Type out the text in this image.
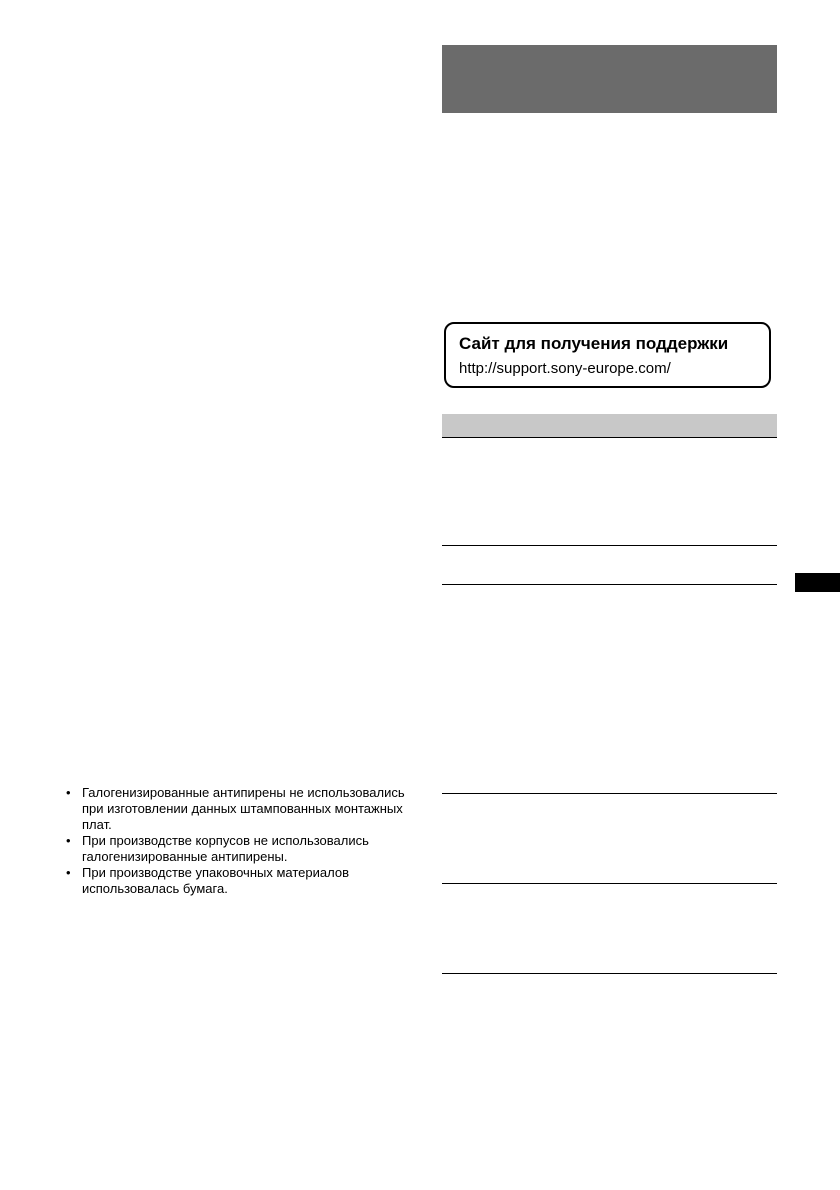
Сайт для получения поддержки
http://support.sony-europe.com/
• Галогенизированные антипирены не использовались при изготовлении данных штампованных монтажных плат.
• При производстве корпусов не использовались галогенизированные антипирены.
• При производстве упаковочных материалов использовалась бумага.
